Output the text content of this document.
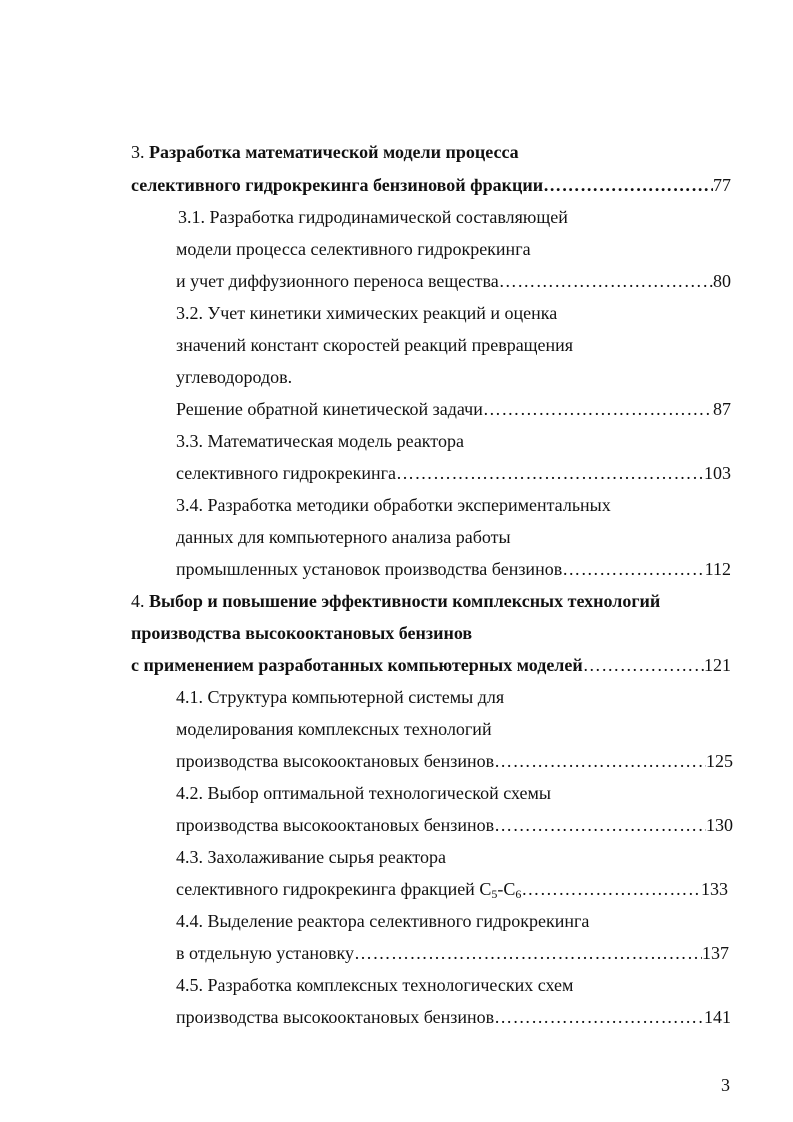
3. Разработка математической модели процесса
селективного гидрокрекинга бензиновой фракции ………………………………………………………………………………………………………………	77
3.1. Разработка гидродинамической составляющей
модели процесса селективного гидрокрекинга
и учет диффузионного переноса вещества ………………………………………………………………………………………………………………	80
3.2. Учет кинетики химических реакций и оценка
значений констант скоростей реакций превращения
углеводородов.
Решение обратной кинетической задачи ………………………………………………………………………………………………………………	87
3.3. Математическая модель реактора
селективного гидрокрекинга ………………………………………………………………………………………………………………	103
3.4. Разработка методики обработки экспериментальных
данных для компьютерного анализа работы
промышленных установок производства бензинов ………………………………………………………………………………………………………………	112
4. Выбор и повышение эффективности комплексных технологий
производства высокооктановых бензинов
с применением разработанных компьютерных моделей ………………………………………………………………………………………………………………	121
4.1. Структура компьютерной системы для
моделирования комплексных технологий
производства высокооктановых бензинов ………………………………………………………………………………………………………………	125
4.2. Выбор оптимальной технологической схемы
производства высокооктановых бензинов ………………………………………………………………………………………………………………	130
4.3. Захолаживание сырья реактора
селективного гидрокрекинга фракцией $C_5-C_6$ ………………………………………………………………………………………………………………	133
4.4. Выделение реактора селективного гидрокрекинга
в отдельную установку ………………………………………………………………………………………………………………	137
4.5. Разработка комплексных технологических схем
производства высокооктановых бензинов ………………………………………………………………………………………………………………	141
3
